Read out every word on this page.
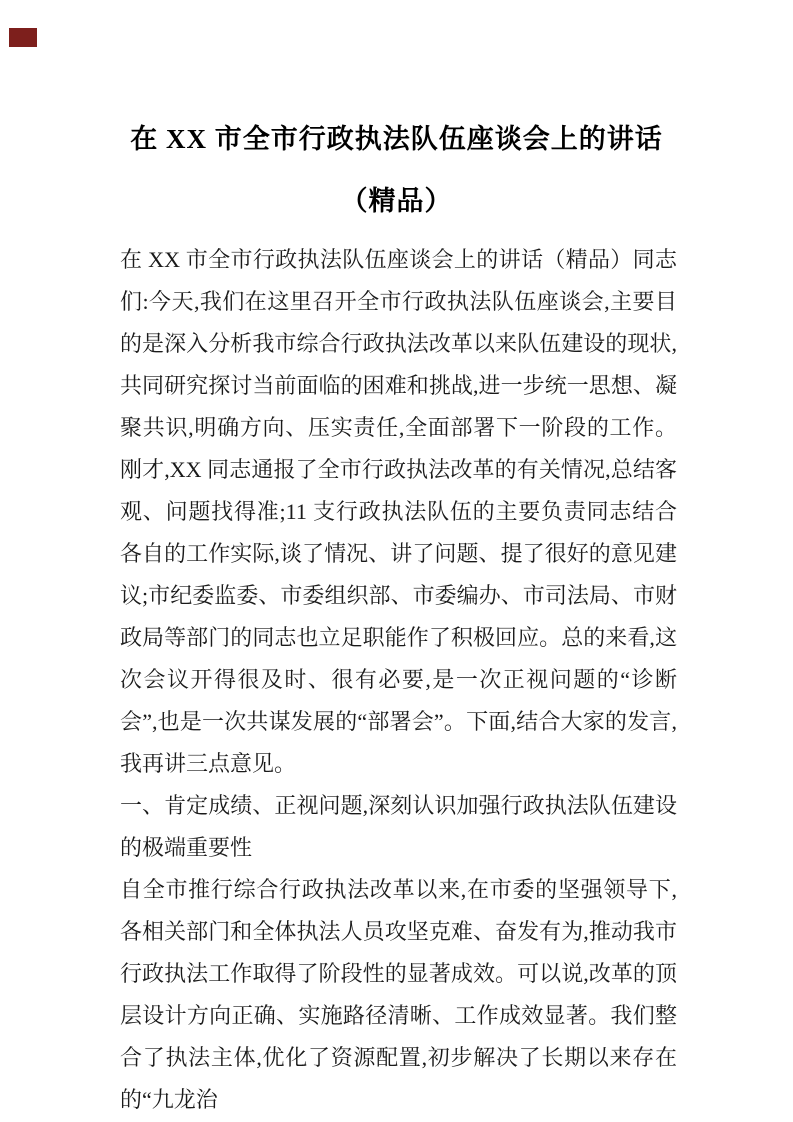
在 XX 市全市行政执法队伍座谈会上的讲话
（精品）

在 XX 市全市行政执法队伍座谈会上的讲话（精品）同志们:今天,我们在这里召开全市行政执法队伍座谈会,主要目的是深入分析我市综合行政执法改革以来队伍建设的现状,共同研究探讨当前面临的困难和挑战,进一步统一思想、凝聚共识,明确方向、压实责任,全面部署下一阶段的工作。刚才,XX 同志通报了全市行政执法改革的有关情况,总结客观、问题找得准;11 支行政执法队伍的主要负责同志结合各自的工作实际,谈了情况、讲了问题、提了很好的意见建议;市纪委监委、市委组织部、市委编办、市司法局、市财政局等部门的同志也立足职能作了积极回应。总的来看,这次会议开得很及时、很有必要,是一次正视问题的“诊断会”,也是一次共谋发展的“部署会”。下面,结合大家的发言,我再讲三点意见。

一、肯定成绩、正视问题,深刻认识加强行政执法队伍建设的极端重要性

自全市推行综合行政执法改革以来,在市委的坚强领导下,各相关部门和全体执法人员攻坚克难、奋发有为,推动我市行政执法工作取得了阶段性的显著成效。可以说,改革的顶层设计方向正确、实施路径清晰、工作成效显著。我们整合了执法主体,优化了资源配置,初步解决了长期以来存在的“九龙治
